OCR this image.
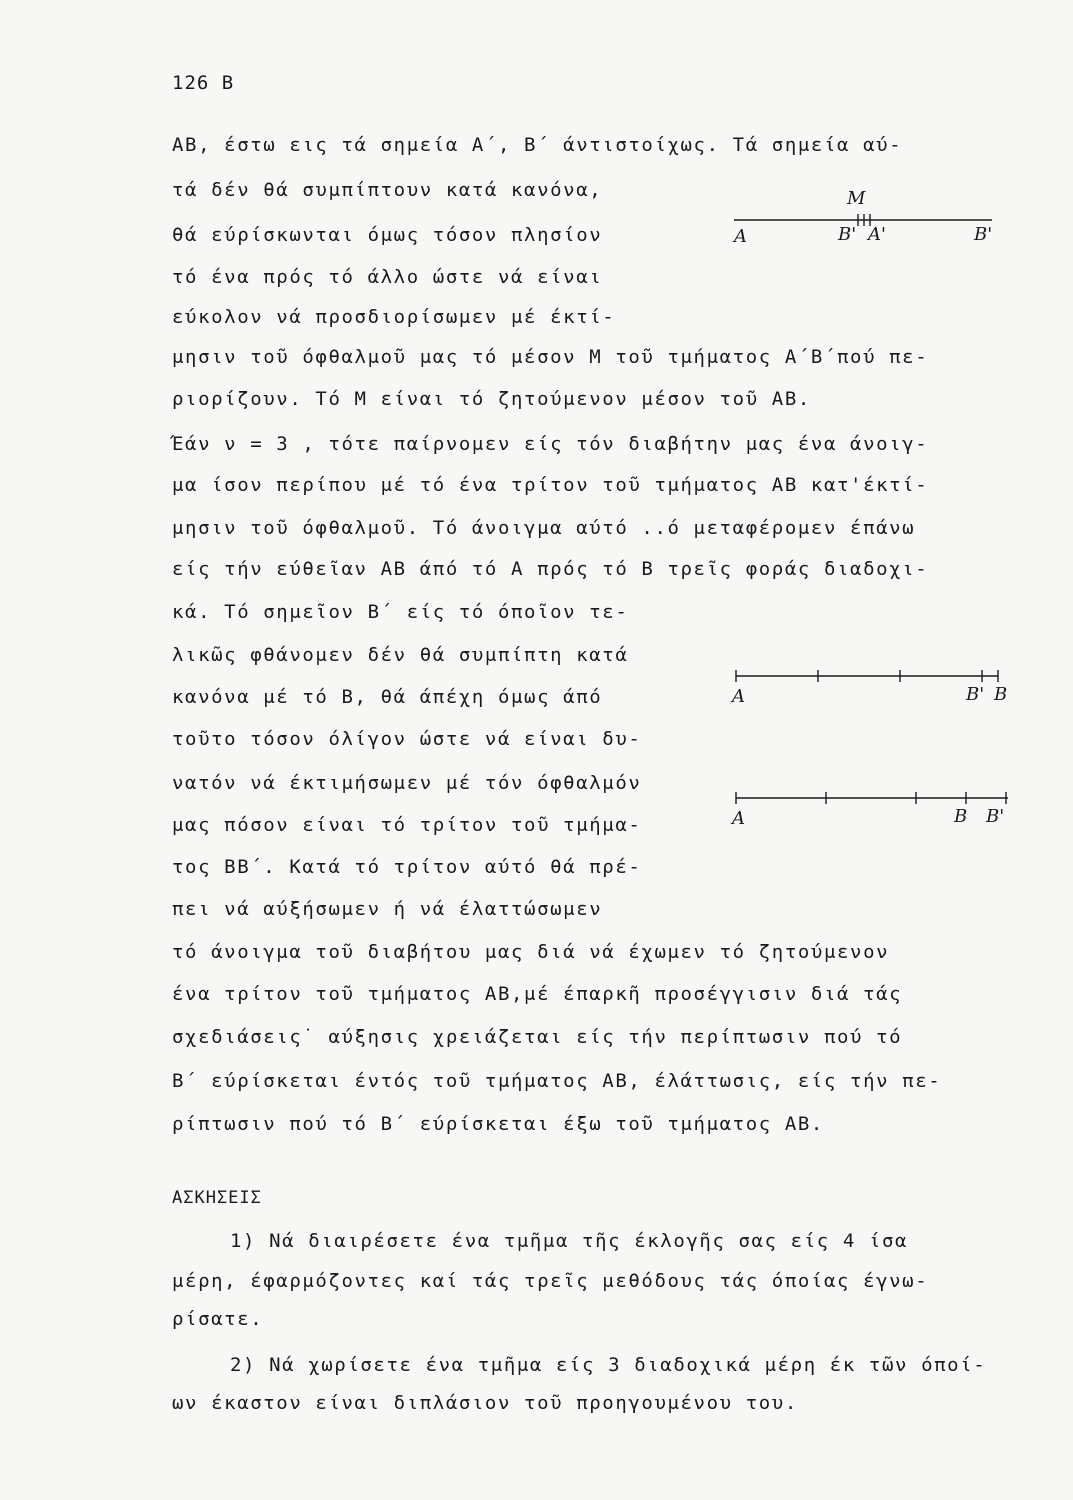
126 B
ΑΒ, έστω εις τά σημεία Α΄, Β΄ άντιστοίχως. Τά σημεία αύ-
τά δέν θά συμπίπτουν κατά κανόνα,
θά εύρίσκωνται όμως τόσον πλησίον
τό ένα πρός τό άλλο ώστε νά είναι
εύκολον νά προσδιορίσωμεν μέ έκτί-
μησιν τοῦ όφθαλμοῦ μας τό μέσον Μ τοῦ τμήματος Α΄Β΄πού πε-
ριορίζουν. Τό Μ είναι τό ζητούμενον μέσον τοῦ ΑΒ.
Έάν ν = 3 , τότε παίρνομεν είς τόν διαβήτην μας ένα άνοιγ-
μα ίσον περίπου μέ τό ένα τρίτον τοῦ τμήματος ΑΒ κατ'έκτί-
μησιν τοῦ όφθαλμοῦ. Τό άνοιγμα αύτό ..ό μεταφέρομεν έπάνω
είς τήν εύθεῖαν ΑΒ άπό τό Α πρός τό Β τρεῖς φοράς διαδοχι-
κά. Τό σημεῖον Β΄ είς τό όποῖον τε-
λικῶς φθάνομεν δέν θά συμπίπτη κατά
κανόνα μέ τό Β, θά άπέχη όμως άπό
τοῦτο τόσον όλίγον ώστε νά είναι δυ-
νατόν νά έκτιμήσωμεν μέ τόν όφθαλμόν
μας πόσον είναι τό τρίτον τοῦ τμήμα-
τος ΒΒ΄. Κατά τό τρίτον αύτό θά πρέ-
πει νά αύξήσωμεν ή νά έλαττώσωμεν
τό άνοιγμα τοῦ διαβήτου μας διά νά έχωμεν τό ζητούμενον
ένα τρίτον τοῦ τμήματος ΑΒ,μέ έπαρκῆ προσέγγισιν διά τάς
σχεδιάσεις˙ αύξησις χρειάζεται είς τήν περίπτωσιν πού τό
Β΄ εύρίσκεται έντός τοῦ τμήματος ΑΒ, έλάττωσις, είς τήν πε-
ρίπτωσιν πού τό Β΄ εύρίσκεται έξω τοῦ τμήματος ΑΒ.
ΑΣΚΗΣΕΙΣ
1) Νά διαιρέσετε ένα τμῆμα τῆς έκλογῆς σας είς 4 ίσα
μέρη, έφαρμόζοντες καί τάς τρεῖς μεθόδους τάς όποίας έγνω-
ρίσατε.
2) Νά χωρίσετε ένα τμῆμα είς 3 διαδοχικά μέρη έκ τῶν όποί-
ων έκαστον είναι διπλάσιον τοῦ προηγουμένου του.
M
A	B' A'	B'
A	B' B
A	B B'
